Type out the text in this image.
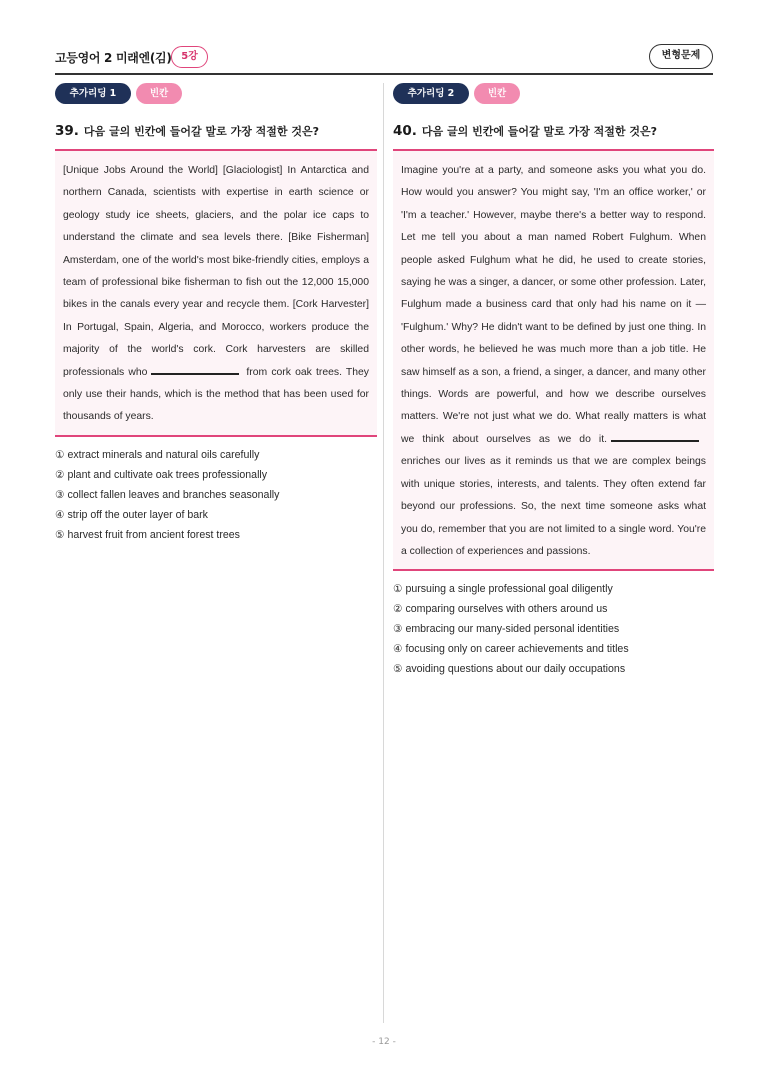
고등영어 2 미래엔(김) 5강	변형문제
추가리딩 1	빈칸
39. 다음 글의 빈칸에 들어갈 말로 가장 적절한 것은?

[Unique Jobs Around the World] [Glaciologist] In Antarctica and northern Canada, scientists with expertise in earth science or geology study ice sheets, glaciers, and the polar ice caps to understand the climate and sea levels there. [Bike Fisherman] Amsterdam, one of the world's most bike-friendly cities, employs a team of professional bike fisherman to fish out the 12,000 15,000 bikes in the canals every year and recycle them. [Cork Harvester] In Portugal, Spain, Algeria, and Morocco, workers produce the majority of the world's cork. Cork harvesters are skilled professionals who	from cork oak trees. They only use their hands, which is the method that has been used for thousands of years.

① extract minerals and natural oils carefully
② plant and cultivate oak trees professionally
③ collect fallen leaves and branches seasonally
④ strip off the outer layer of bark
⑤ harvest fruit from ancient forest trees
추가리딩 2	빈칸
40. 다음 글의 빈칸에 들어갈 말로 가장 적절한 것은?

Imagine you're at a party, and someone asks you what you do. How would you answer? You might say, 'I'm an office worker,' or 'I'm a teacher.' However, maybe there's a better way to respond. Let me tell you about a man named Robert Fulghum. When people asked Fulghum what he did, he used to create stories, saying he was a singer, a dancer, or some other profession. Later, Fulghum made a business card that only had his name on it — 'Fulghum.' Why? He didn't want to be defined by just one thing. In other words, he believed he was much more than a job title. He saw himself as a son, a friend, a singer, a dancer, and many other things. Words are powerful, and how we describe ourselves matters. We're not just what we do. What really matters is what we think about ourselves as we do it.enriches our lives as it reminds us that we are complex beings with unique stories, interests, and talents. They often extend far beyond our professions. So, the next time someone asks what you do, remember that you are not limited to a single word. You're a collection of experiences and passions.

① pursuing a single professional goal diligently
② comparing ourselves with others around us
③ embracing our many-sided personal identities
④ focusing only on career achievements and titles
⑤ avoiding questions about our daily occupations
- 12 -
